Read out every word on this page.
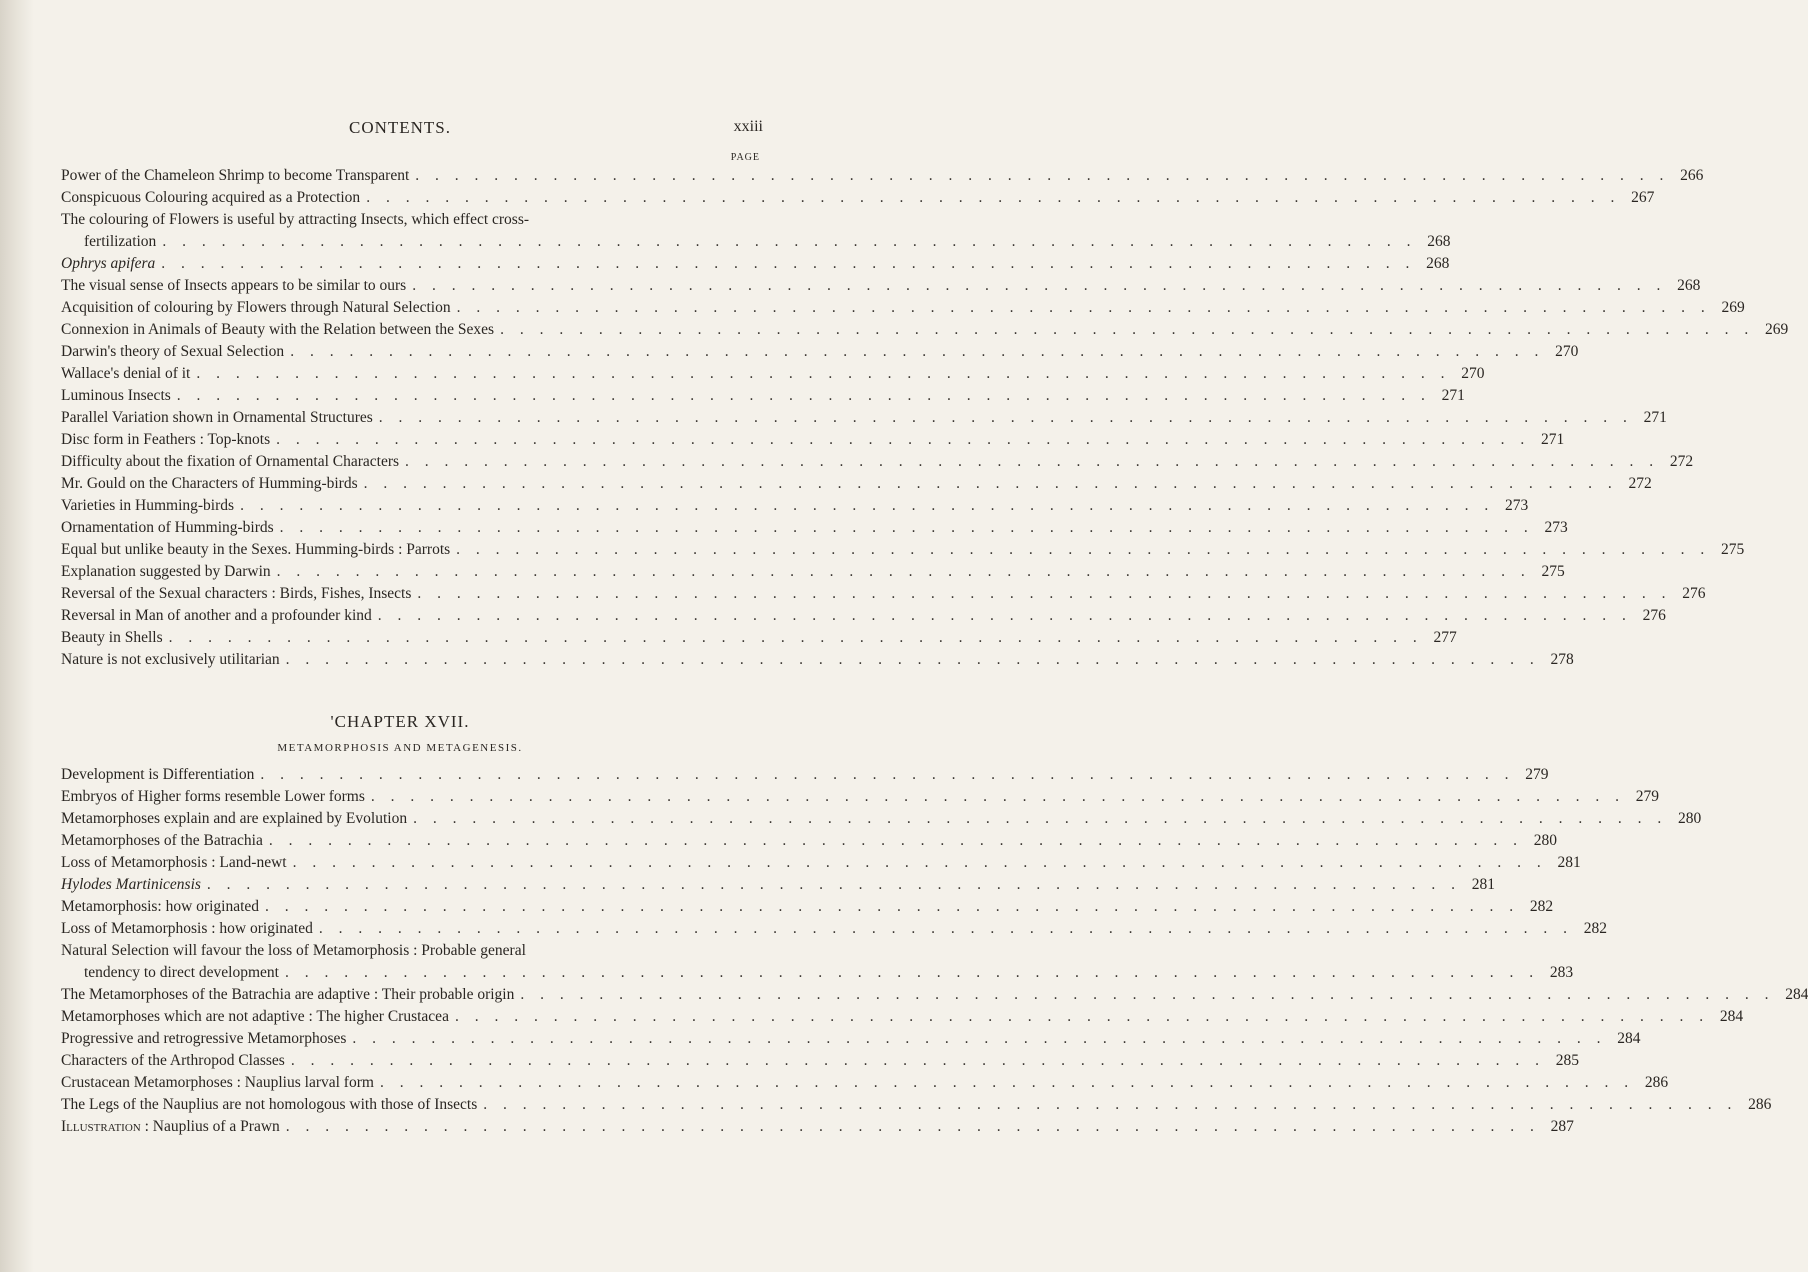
CONTENTS.	xxiii
PAGE
Power of the Chameleon Shrimp to become Transparent . . .	266
Conspicuous Colouring acquired as a Protection . . .	267
The colouring of Flowers is useful by attracting Insects, which effect cross-
fertilization . . .	268
Ophrys apifera . . .	268
The visual sense of Insects appears to be similar to ours . . .	268
Acquisition of colouring by Flowers through Natural Selection . . .	269
Connexion in Animals of Beauty with the Relation between the Sexes . . .	269
Darwin's theory of Sexual Selection . . .	270
Wallace's denial of it . . .	270
Luminous Insects . . .	271
Parallel Variation shown in Ornamental Structures . . .	271
Disc form in Feathers : Top-knots . . .	271
Difficulty about the fixation of Ornamental Characters . . .	272
Mr. Gould on the Characters of Humming-birds . . .	272
Varieties in Humming-birds . . .	273
Ornamentation of Humming-birds . . .	273
Equal but unlike beauty in the Sexes. Humming-birds : Parrots . . .	275
Explanation suggested by Darwin . . .	275
Reversal of the Sexual characters : Birds, Fishes, Insects . . .	276
Reversal in Man of another and a profounder kind . . .	276
Beauty in Shells . . .	277
Nature is not exclusively utilitarian . . .	278
'CHAPTER XVII.
METAMORPHOSIS AND METAGENESIS.
Development is Differentiation . . .	279
Embryos of Higher forms resemble Lower forms . . .	279
Metamorphoses explain and are explained by Evolution . . .	280
Metamorphoses of the Batrachia . . .	280
Loss of Metamorphosis : Land-newt . . .	281
Hylodes Martinicensis . . .	281
Metamorphosis: how originated . . .	282
Loss of Metamorphosis : how originated . . .	282
Natural Selection will favour the loss of Metamorphosis : Probable general
tendency to direct development . . .	283
The Metamorphoses of the Batrachia are adaptive : Their probable origin . . .	284
Metamorphoses which are not adaptive : The higher Crustacea . . .	284
Progressive and retrogressive Metamorphoses . . .	284
Characters of the Arthropod Classes . . .	285
Crustacean Metamorphoses : Nauplius larval form . . .	286
The Legs of the Nauplius are not homologous with those of Insects . . .	286
Illustration : Nauplius of a Prawn . . .	287
